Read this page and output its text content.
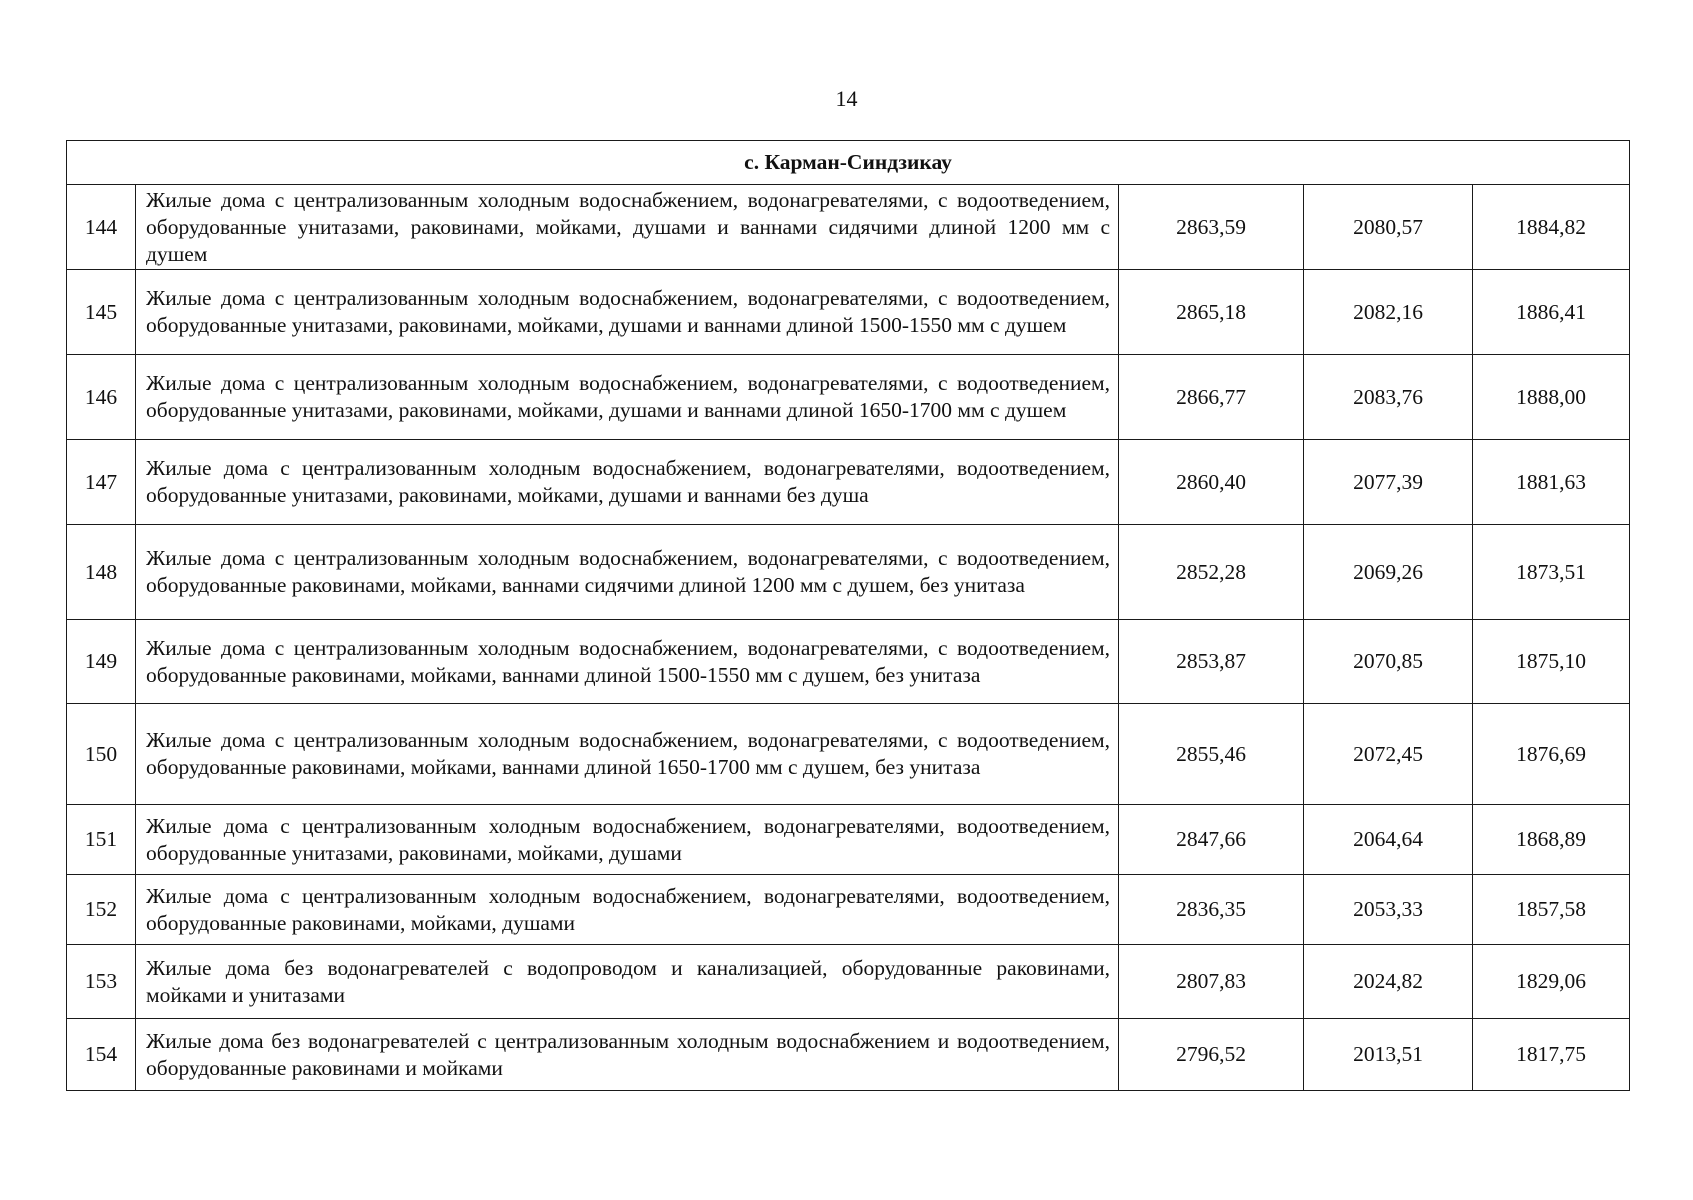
14
с. Карман-Синдзикау				
144	Жилые дома с централизованным холодным водоснабжением, водонагревателями, с водоотведением, оборудованные унитазами, раковинами, мойками, душами и ваннами сидячими длиной 1200 мм с душем	2863,59	2080,57	1884,82
145	Жилые дома с централизованным холодным водоснабжением, водонагревателями, с водоотведением, оборудованные унитазами, раковинами, мойками, душами и ваннами длиной 1500-1550 мм с душем	2865,18	2082,16	1886,41
146	Жилые дома с централизованным холодным водоснабжением, водонагревателями, с водоотведением, оборудованные унитазами, раковинами, мойками, душами и ваннами длиной 1650-1700 мм с душем	2866,77	2083,76	1888,00
147	Жилые дома с централизованным холодным водоснабжением, водонагревателями, водоотведением, оборудованные унитазами, раковинами, мойками, душами и ваннами без душа	2860,40	2077,39	1881,63
148	Жилые дома с централизованным холодным водоснабжением, водонагревателями, с водоотведением, оборудованные раковинами, мойками, ваннами сидячими длиной 1200 мм с душем, без унитаза	2852,28	2069,26	1873,51
149	Жилые дома с централизованным холодным водоснабжением, водонагревателями, с водоотведением, оборудованные раковинами, мойками, ваннами длиной 1500-1550 мм с душем, без унитаза	2853,87	2070,85	1875,10
150	Жилые дома с централизованным холодным водоснабжением, водонагревателями, с водоотведением, оборудованные раковинами, мойками, ваннами длиной 1650-1700 мм с душем, без унитаза	2855,46	2072,45	1876,69
151	Жилые дома с централизованным холодным водоснабжением, водонагревателями, водоотведением, оборудованные унитазами, раковинами, мойками, душами	2847,66	2064,64	1868,89
152	Жилые дома с централизованным холодным водоснабжением, водонагревателями, водоотведением, оборудованные раковинами, мойками, душами	2836,35	2053,33	1857,58
153	Жилые дома без водонагревателей с водопроводом и канализацией, оборудованные раковинами, мойками и унитазами	2807,83	2024,82	1829,06
154	Жилые дома без водонагревателей с централизованным холодным водоснабжением и водоотведением, оборудованные раковинами и мойками	2796,52	2013,51	1817,75
